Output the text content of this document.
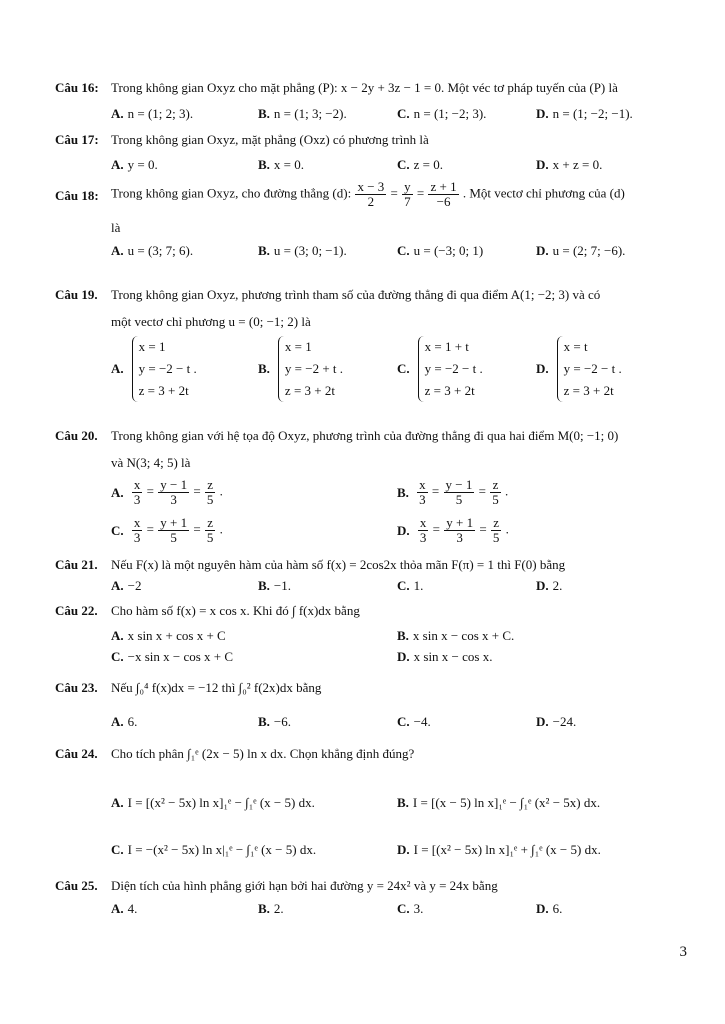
Câu 16: Trong không gian Oxyz cho mặt phẳng (P): x − 2y + 3z − 1 = 0. Một véc tơ pháp tuyến của (P) là
A. n = (1; 2; 3).	B. n = (1; 3; −2).	C. n = (1; −2; 3).	D. n = (1; −2; −1).
Câu 17: Trong không gian Oxyz, mặt phẳng (Oxz) có phương trình là
A. y = 0.	B. x = 0.	C. z = 0.	D. x + z = 0.
Câu 18: Trong không gian Oxyz, cho đường thẳng (d): $\frac{x - 3}{2} = \frac{y}{7} = \frac{z + 1}{-6}$ . Một vectơ chỉ phương của (d)
là
A. u = (3; 7; 6).	B. u = (3; 0; −1).	C. u = (−3; 0; 1)	D. u = (2; 7; −6).
Câu 19. Trong không gian Oxyz, phương trình tham số của đường thẳng đi qua điểm A(1; −2; 3) và có
một vectơ chỉ phương u = (0; −1; 2) là
A.x = 1
y = −2 − t .
z = 3 + 2t
B.x = 1
y = −2 + t .
z = 3 + 2t
C.x = 1 + t
y = −2 − t .
z = 3 + 2t
D.x = t
y = −2 − t .
z = 3 + 2t
Câu 20. Trong không gian với hệ tọa độ Oxyz, phương trình của đường thẳng đi qua hai điểm M(0; −1; 0)
và N(3; 4; 5) là
A. $\frac{x}{3} = \frac{y - 1}{3} = \frac{z}{5}$ .	B. $\frac{x}{3} = \frac{y - 1}{5} = \frac{z}{5}$ .
C. $\frac{x}{3} = \frac{y + 1}{5} = \frac{z}{5}$ .	D. $\frac{x}{3} = \frac{y + 1}{3} = \frac{z}{5}$ .
Câu 21. Nếu F(x) là một nguyên hàm của hàm số f(x) = 2cos2x thỏa mãn F(π) = 1 thì F(0) bằng
A. −2	B. −1.	C. 1.	D. 2.
Câu 22. Cho hàm số f(x) = x cos x. Khi đó ∫ f(x)dx bằng
A. x sin x + cos x + C	B. x sin x − cos x + C.
C. −x sin x − cos x + C	D. x sin x − cos x.
Câu 23. Nếu ∫₀⁴ f(x)dx = −12 thì ∫₀² f(2x)dx bằng
A. 6.	B. −6.	C. −4.	D. −24.
Câu 24. Cho tích phân ∫₁ᵉ (2x − 5) ln x dx. Chọn khẳng định đúng?
A. I = [(x² − 5x) ln x]₁ᵉ − ∫₁ᵉ (x − 5) dx.	B. I = [(x − 5) ln x]₁ᵉ − ∫₁ᵉ (x² − 5x) dx.
C. I = −(x² − 5x) ln x|₁ᵉ − ∫₁ᵉ (x − 5) dx.	D. I = [(x² − 5x) ln x]₁ᵉ + ∫₁ᵉ (x − 5) dx.
Câu 25. Diện tích của hình phẳng giới hạn bởi hai đường y = 24x² và y = 24x bằng
A. 4.	B. 2.	C. 3.	D. 6.
3
